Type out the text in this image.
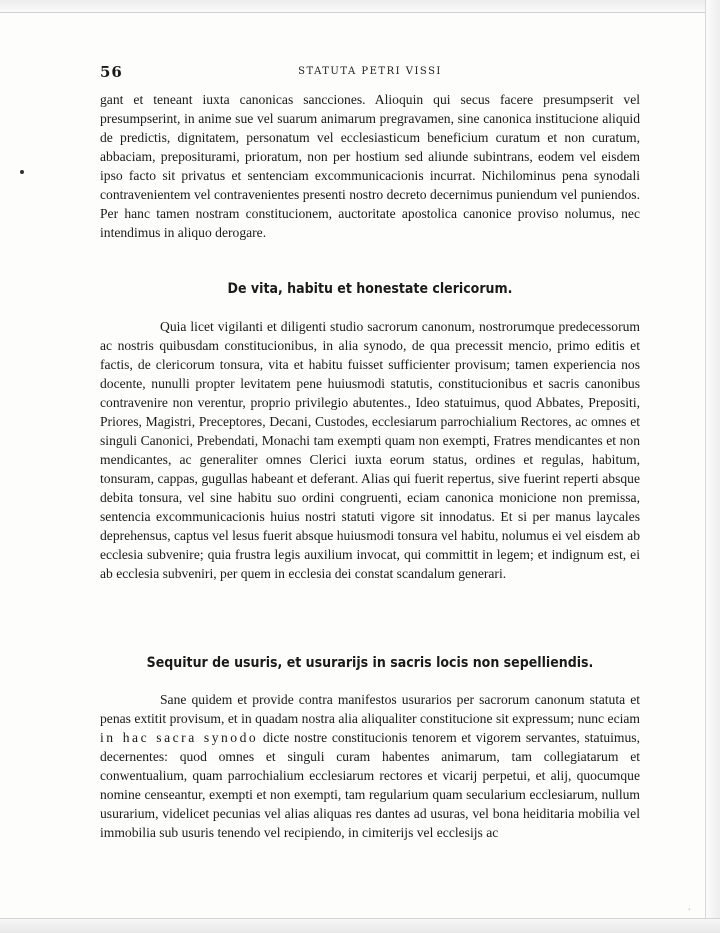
56	STATUTA PETRI VISSI

gant et teneant iuxta canonicas sancciones. Alioquin qui secus facere presumpserit vel presumpserint, in anime sue vel suarum animarum pregravamen, sine canonica institucione aliquid de predictis, dignitatem, personatum vel ecclesiasticum beneficium curatum et non curatum, abbaciam, prepositurami, prioratum, non per hostium sed aliunde subintrans, eodem vel eisdem ipso facto sit privatus et sentenciam excommunicacionis incurrat. Nichilominus pena synodali contravenientem vel contravenientes presenti nostro decreto decernimus puniendum vel puniendos. Per hanc tamen nostram constitucionem, auctoritate apostolica canonice proviso nolumus, nec intendimus in aliquo derogare.

De vita, habitu et honestate clericorum.

Quia licet vigilanti et diligenti studio sacrorum canonum, nostrorumque predecessorum ac nostris quibusdam constitucionibus, in alia synodo, de qua precessit mencio, primo editis et factis, de clericorum tonsura, vita et habitu fuisset sufficienter provisum; tamen experiencia nos docente, nunulli propter levitatem pene huiusmodi statutis, constitucionibus et sacris canonibus contravenire non verentur, proprio privilegio abutentes., Ideo statuimus, quod Abbates, Prepositi, Priores, Magistri, Preceptores, Decani, Custodes, ecclesiarum parrochialium Rectores, ac omnes et singuli Canonici, Prebendati, Monachi tam exempti quam non exempti, Fratres mendicantes et non mendicantes, ac generaliter omnes Clerici iuxta eorum status, ordines et regulas, habitum, tonsuram, cappas, gugullas habeant et deferant. Alias qui fuerit repertus, sive fuerint reperti absque debita tonsura, vel sine habitu suo ordini congruenti, eciam canonica monicione non premissa, sentencia excommunicacionis huius nostri statuti vigore sit innodatus. Et si per manus laycales deprehensus, captus vel lesus fuerit absque huiusmodi tonsura vel habitu, nolumus ei vel eisdem ab ecclesia subvenire; quia frustra legis auxilium invocat, qui committit in legem; et indignum est, ei ab ecclesia subveniri, per quem in ecclesia dei constat scandalum generari.

Sequitur de usuris, et usurarijs in sacris locis non sepelliendis.

Sane quidem et provide contra manifestos usurarios per sacrorum canonum statuta et penas extitit provisum, et in quadam nostra alia aliqualiter constitucione sit expressum; nunc eciam in hac sacra synodo dicte nostre constitucionis tenorem et vigorem servantes, statuimus, decernentes: quod omnes et singuli curam habentes animarum, tam collegiatarum et conwentualium, quam parrochialium ecclesiarum rectores et vicarij perpetui, et alij, quocumque nomine censeantur, exempti et non exempti, tam regularium quam secularium ecclesiarum, nullum usurarium, videlicet pecunias vel alias aliquas res dantes ad usuras, vel bona heiditaria mobilia vel immobilia sub usuris tenendo vel recipiendo, in cimiterijs vel ecclesijs ac

ᐧ
